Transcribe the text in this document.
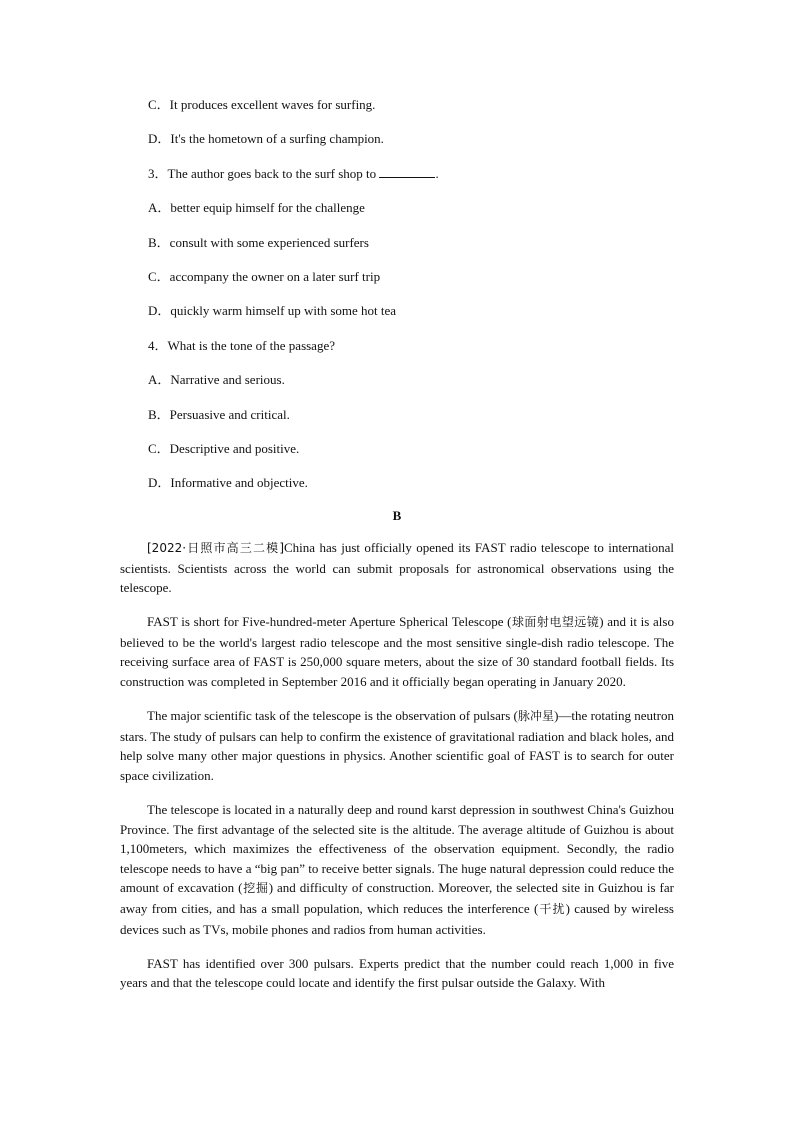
C．It produces excellent waves for surfing.
D．It's the hometown of a surfing champion.
3．The author goes back to the surf shop to	.
A．better equip himself for the challenge
B．consult with some experienced surfers
C．accompany the owner on a later surf trip
D．quickly warm himself up with some hot tea
4．What is the tone of the passage?
A．Narrative and serious.
B．Persuasive and critical.
C．Descriptive and positive.
D．Informative and objective.
B

[2022·日照市高三二模]China has just officially opened its FAST radio telescope to international scientists. Scientists across the world can submit proposals for astronomical observations using the telescope.

FAST is short for Five-hundred-meter Aperture Spherical Telescope (球面射电望远镜) and it is also believed to be the world's largest radio telescope and the most sensitive single-dish radio telescope. The receiving surface area of FAST is 250,000 square meters, about the size of 30 standard football fields. Its construction was completed in September 2016 and it officially began operating in January 2020.

The major scientific task of the telescope is the observation of pulsars (脉冲星)—the rotating neutron stars. The study of pulsars can help to confirm the existence of gravitational radiation and black holes, and help solve many other major questions in physics. Another scientific goal of FAST is to search for outer space civilization.

The telescope is located in a naturally deep and round karst depression in southwest China's Guizhou Province. The first advantage of the selected site is the altitude. The average altitude of Guizhou is about 1,100meters, which maximizes the effectiveness of the observation equipment. Secondly, the radio telescope needs to have a “big pan” to receive better signals. The huge natural depression could reduce the amount of excavation (挖掘) and difficulty of construction. Moreover, the selected site in Guizhou is far away from cities, and has a small population, which reduces the interference (干扰) caused by wireless devices such as TVs, mobile phones and radios from human activities.

FAST has identified over 300 pulsars. Experts predict that the number could reach 1,000 in five years and that the telescope could locate and identify the first pulsar outside the Galaxy. With
